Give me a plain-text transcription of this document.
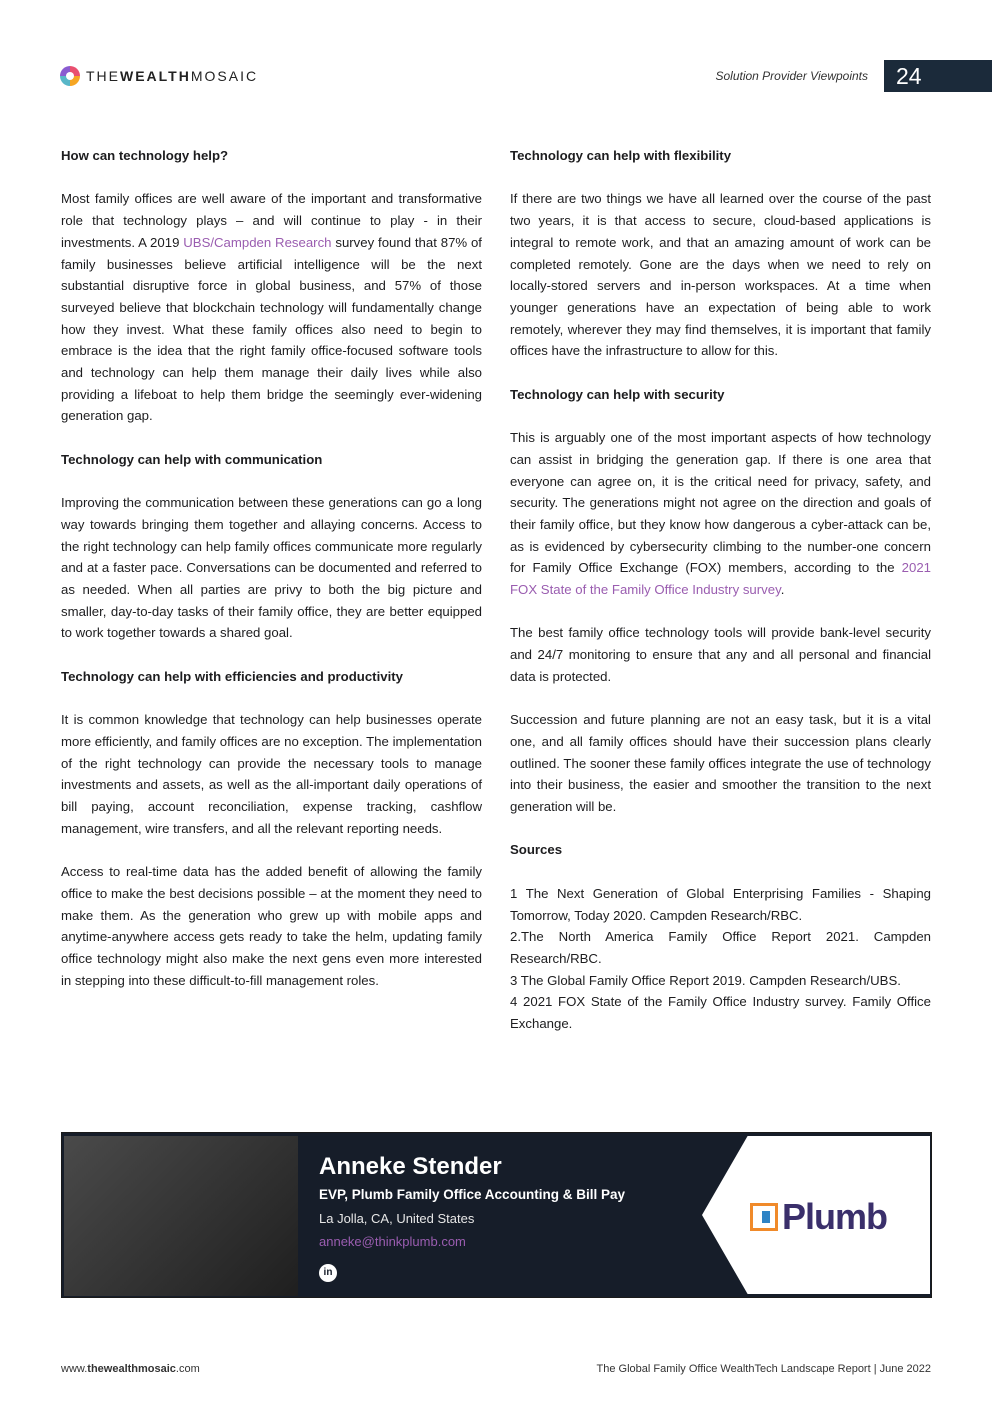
THEWEALTHMOSAIC	Solution Provider Viewpoints 24
How can technology help?

Most family offices are well aware of the important and transformative role that technology plays – and will continue to play - in their investments. A 2019 UBS/Campden Research survey found that 87% of family businesses believe artificial intelligence will be the next substantial disruptive force in global business, and 57% of those surveyed believe that blockchain technology will fundamentally change how they invest. What these family offices also need to begin to embrace is the idea that the right family office-focused software tools and technology can help them manage their daily lives while also providing a lifeboat to help them bridge the seemingly ever-widening generation gap.

Technology can help with communication

Improving the communication between these generations can go a long way towards bringing them together and allaying concerns. Access to the right technology can help family offices communicate more regularly and at a faster pace. Conversations can be documented and referred to as needed. When all parties are privy to both the big picture and smaller, day-to-day tasks of their family office, they are better equipped to work together towards a shared goal.

Technology can help with efficiencies and productivity

It is common knowledge that technology can help businesses operate more efficiently, and family offices are no exception. The implementation of the right technology can provide the necessary tools to manage investments and assets, as well as the all-important daily operations of bill paying, account reconciliation, expense tracking, cashflow management, wire transfers, and all the relevant reporting needs.

Access to real-time data has the added benefit of allowing the family office to make the best decisions possible – at the moment they need to make them. As the generation who grew up with mobile apps and anytime-anywhere access gets ready to take the helm, updating family office technology might also make the next gens even more interested in stepping into these difficult-to-fill management roles.

Technology can help with flexibility

If there are two things we have all learned over the course of the past two years, it is that access to secure, cloud-based applications is integral to remote work, and that an amazing amount of work can be completed remotely. Gone are the days when we need to rely on locally-stored servers and in-person workspaces. At a time when younger generations have an expectation of being able to work remotely, wherever they may find themselves, it is important that family offices have the infrastructure to allow for this.

Technology can help with security

This is arguably one of the most important aspects of how technology can assist in bridging the generation gap. If there is one area that everyone can agree on, it is the critical need for privacy, safety, and security. The generations might not agree on the direction and goals of their family office, but they know how dangerous a cyber-attack can be, as is evidenced by cybersecurity climbing to the number-one concern for Family Office Exchange (FOX) members, according to the 2021 FOX State of the Family Office Industry survey.

The best family office technology tools will provide bank-level security and 24/7 monitoring to ensure that any and all personal and financial data is protected.

Succession and future planning are not an easy task, but it is a vital one, and all family offices should have their succession plans clearly outlined. The sooner these family offices integrate the use of technology into their business, the easier and smoother the transition to the next generation will be.

Sources

1 The Next Generation of Global Enterprising Families - Shaping Tomorrow, Today 2020. Campden Research/RBC.

2.The North America Family Office Report 2021. Campden Research/RBC.

3 The Global Family Office Report 2019. Campden Research/UBS.

4 2021 FOX State of the Family Office Industry survey. Family Office Exchange.

Anneke Stender
EVP, Plumb Family Office Accounting & Bill Pay
La Jolla, CA, United States
anneke@thinkplumb.com
in
Plumb
www.thewealthmosaic.com	The Global Family Office WealthTech Landscape Report | June 2022
